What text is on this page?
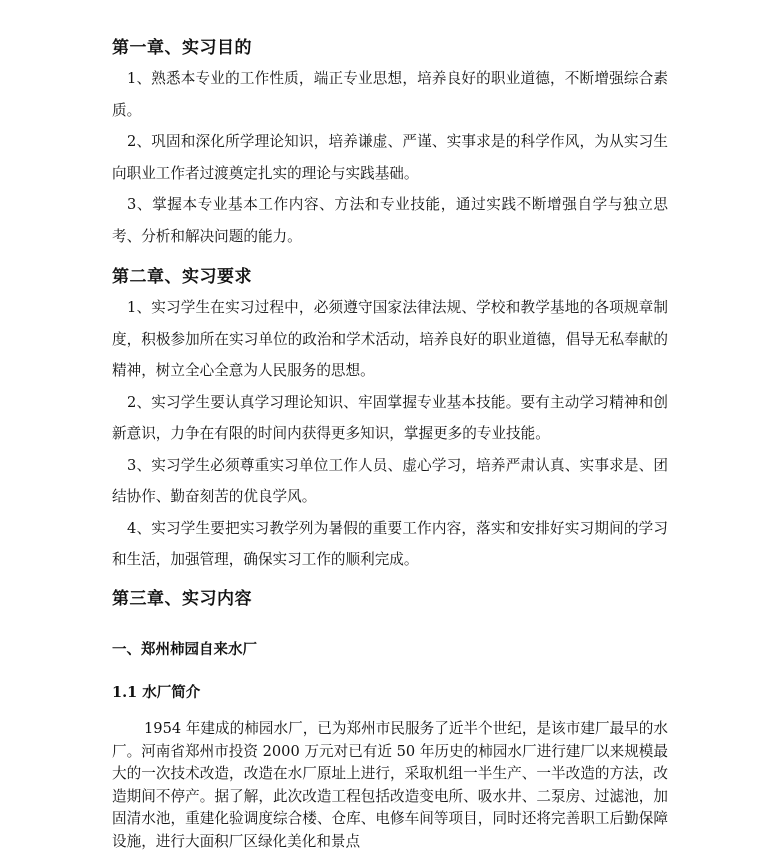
第一章、实习目的

1、熟悉本专业的工作性质，端正专业思想，培养良好的职业道德，不断增强综合素质。

2、巩固和深化所学理论知识，培养谦虚、严谨、实事求是的科学作风，为从实习生向职业工作者过渡奠定扎实的理论与实践基础。

3、掌握本专业基本工作内容、方法和专业技能，通过实践不断增强自学与独立思考、分析和解决问题的能力。

第二章、实习要求

1、实习学生在实习过程中，必须遵守国家法律法规、学校和教学基地的各项规章制度，积极参加所在实习单位的政治和学术活动，培养良好的职业道德，倡导无私奉献的精神，树立全心全意为人民服务的思想。

2、实习学生要认真学习理论知识、牢固掌握专业基本技能。要有主动学习精神和创新意识，力争在有限的时间内获得更多知识，掌握更多的专业技能。

3、实习学生必须尊重实习单位工作人员、虚心学习，培养严肃认真、实事求是、团结协作、勤奋刻苦的优良学风。

4、实习学生要把实习教学列为暑假的重要工作内容，落实和安排好实习期间的学习和生活，加强管理，确保实习工作的顺利完成。

第三章、实习内容
一、郑州柿园自来水厂
1.1 水厂简介

1954 年建成的柿园水厂，已为郑州市民服务了近半个世纪，是该市建厂最早的水厂。河南省郑州市投资 2000 万元对已有近 50 年历史的柿园水厂进行建厂以来规模最大的一次技术改造，改造在水厂原址上进行，采取机组一半生产、一半改造的方法，改造期间不停产。据了解，此次改造工程包括改造变电所、吸水井、二泵房、过滤池，加固清水池，重建化验调度综合楼、仓库、电修车间等项目，同时还将完善职工后勤保障设施，进行大面积厂区绿化美化和景点
